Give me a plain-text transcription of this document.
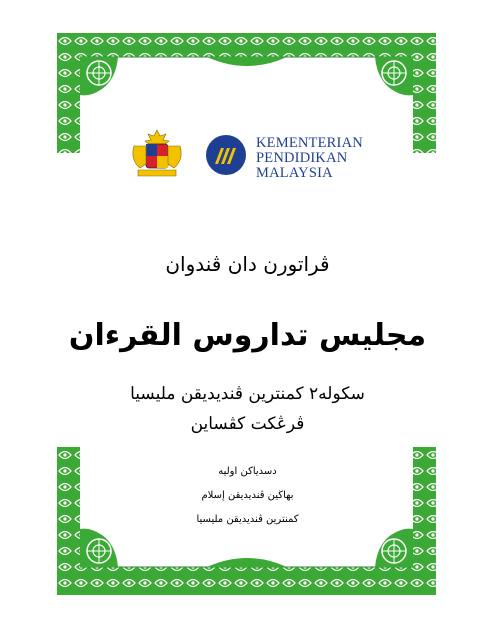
KEMENTERIAN
PENDIDIKAN
MALAYSIA
ڤراتورن دان ڤندوان
مجليس تداروس القرءان
سكوله٢ كمنترين ڤنديديقن مليسيا
ڤرڠكت كڤساين
دسدياكن اوليه
بهاڬين ڤنديديقن إسلام
كمنترين ڤنديديقن مليسيا
